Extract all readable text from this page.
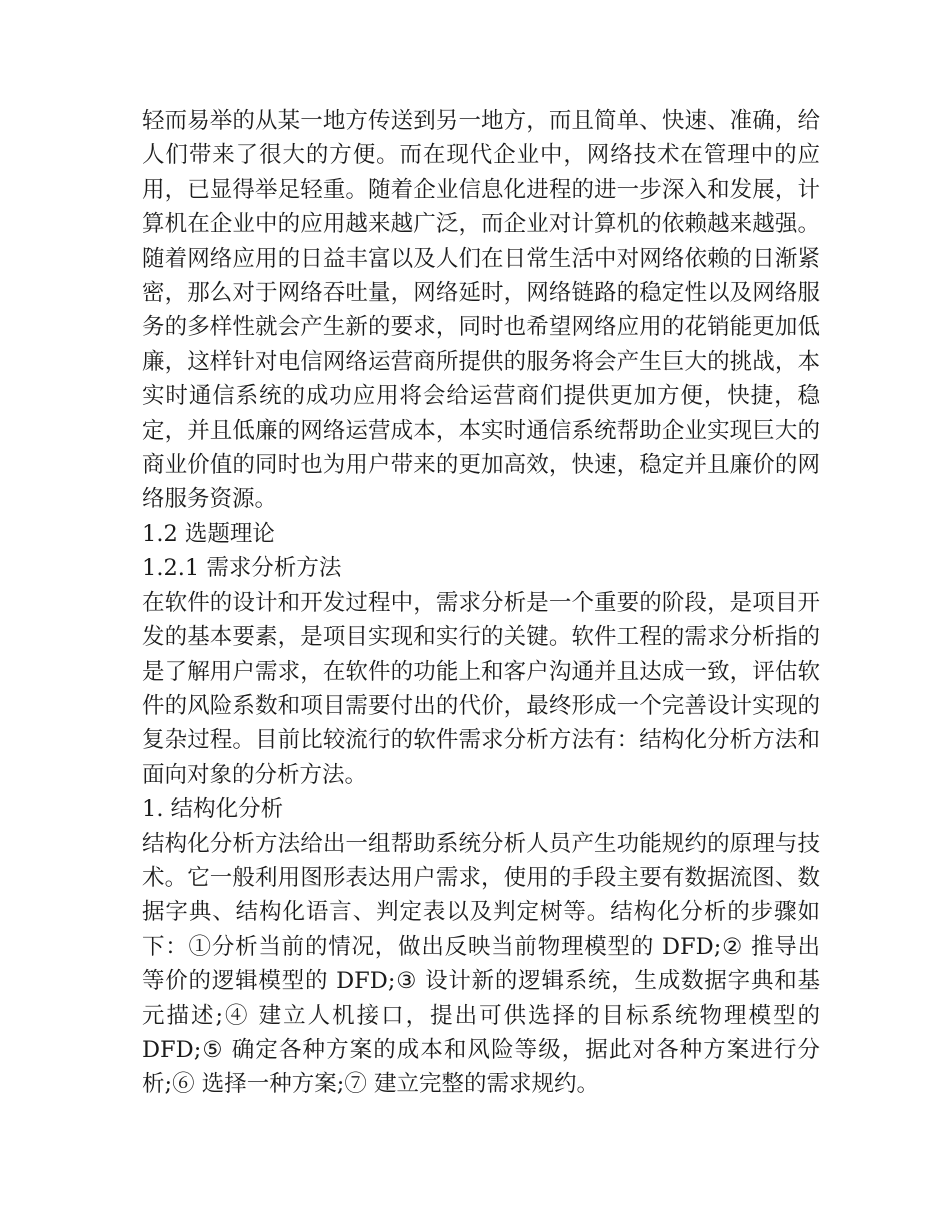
轻而易举的从某一地方传送到另一地方，而且简单、快速、准确，给人们带来了很大的方便。而在现代企业中，网络技术在管理中的应用，已显得举足轻重。随着企业信息化进程的进一步深入和发展，计算机在企业中的应用越来越广泛，而企业对计算机的依赖越来越强。随着网络应用的日益丰富以及人们在日常生活中对网络依赖的日渐紧密，那么对于网络吞吐量，网络延时，网络链路的稳定性以及网络服务的多样性就会产生新的要求，同时也希望网络应用的花销能更加低廉，这样针对电信网络运营商所提供的服务将会产生巨大的挑战，本实时通信系统的成功应用将会给运营商们提供更加方便，快捷，稳定，并且低廉的网络运营成本，本实时通信系统帮助企业实现巨大的商业价值的同时也为用户带来的更加高效，快速，稳定并且廉价的网络服务资源。

1.2 选题理论
1.2.1 需求分析方法

在软件的设计和开发过程中，需求分析是一个重要的阶段，是项目开发的基本要素，是项目实现和实行的关键。软件工程的需求分析指的是了解用户需求，在软件的功能上和客户沟通并且达成一致，评估软件的风险系数和项目需要付出的代价，最终形成一个完善设计实现的复杂过程。目前比较流行的软件需求分析方法有：结构化分析方法和面向对象的分析方法。

1. 结构化分析

结构化分析方法给出一组帮助系统分析人员产生功能规约的原理与技术。它一般利用图形表达用户需求，使用的手段主要有数据流图、数据字典、结构化语言、判定表以及判定树等。结构化分析的步骤如下：①分析当前的情况，做出反映当前物理模型的 DFD;② 推导出等价的逻辑模型的 DFD;③ 设计新的逻辑系统，生成数据字典和基元描述;④ 建立人机接口，提出可供选择的目标系统物理模型的 DFD;⑤ 确定各种方案的成本和风险等级，据此对各种方案进行分析;⑥ 选择一种方案;⑦ 建立完整的需求规约。
